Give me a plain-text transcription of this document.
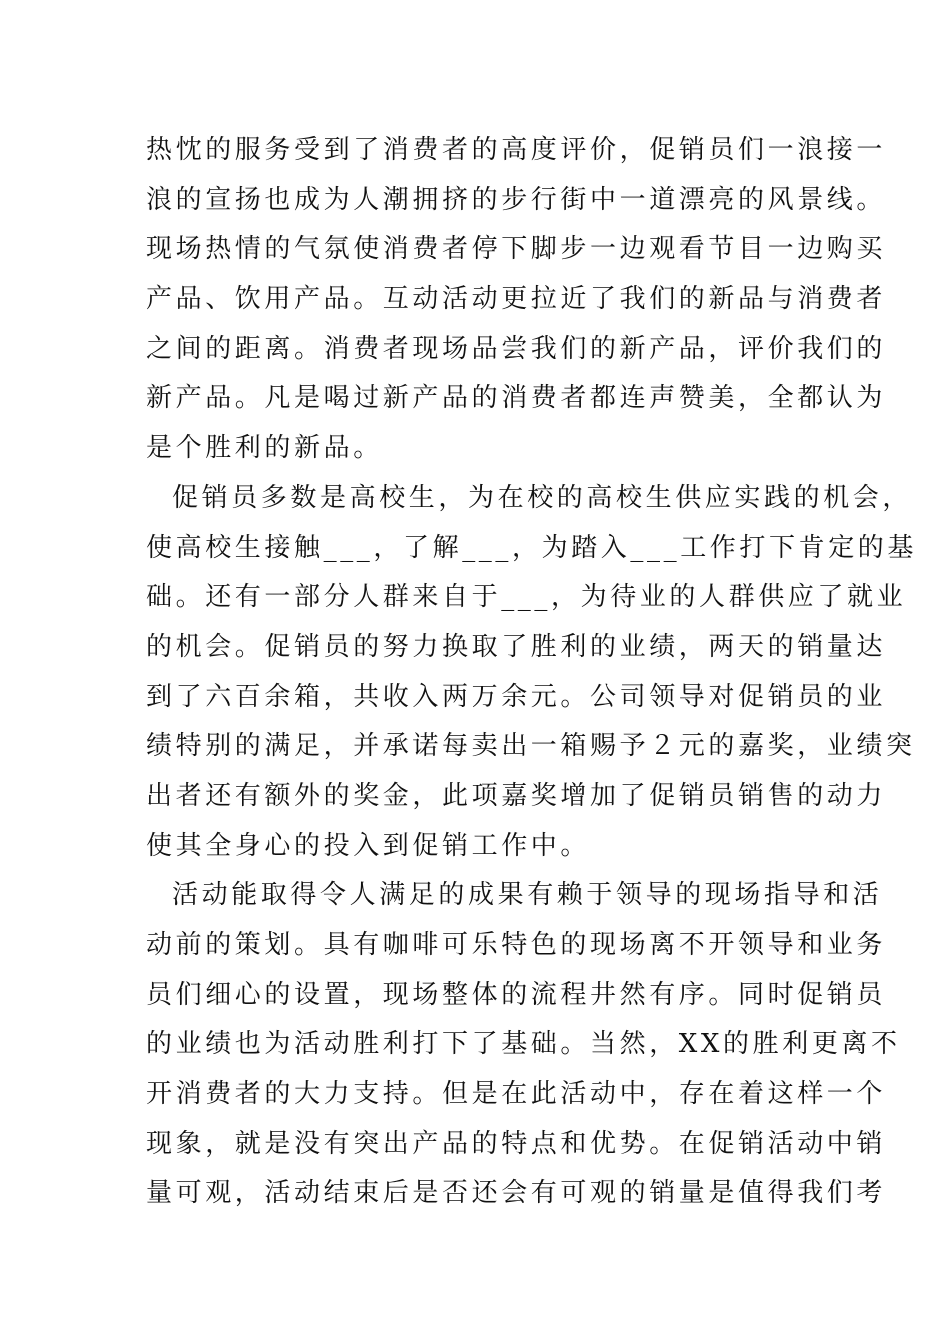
热忱的服务受到了消费者的高度评价，促销员们一浪接一
浪的宣扬也成为人潮拥挤的步行街中一道漂亮的风景线。
现场热情的气氛使消费者停下脚步一边观看节目一边购买
产品、饮用产品。互动活动更拉近了我们的新品与消费者
之间的距离。消费者现场品尝我们的新产品，评价我们的
新产品。凡是喝过新产品的消费者都连声赞美，全都认为
是个胜利的新品。
促销员多数是高校生，为在校的高校生供应实践的机会，
使高校生接触___，了解___，为踏入___工作打下肯定的基
础。还有一部分人群来自于___，为待业的人群供应了就业
的机会。促销员的努力换取了胜利的业绩，两天的销量达
到了六百余箱，共收入两万余元。公司领导对促销员的业
绩特别的满足，并承诺每卖出一箱赐予２元的嘉奖，业绩突
出者还有额外的奖金，此项嘉奖增加了促销员销售的动力
使其全身心的投入到促销工作中。
活动能取得令人满足的成果有赖于领导的现场指导和活
动前的策划。具有咖啡可乐特色的现场离不开领导和业务
员们细心的设置，现场整体的流程井然有序。同时促销员
的业绩也为活动胜利打下了基础。当然，XX的胜利更离不
开消费者的大力支持。但是在此活动中，存在着这样一个
现象，就是没有突出产品的特点和优势。在促销活动中销
量可观，活动结束后是否还会有可观的销量是值得我们考
